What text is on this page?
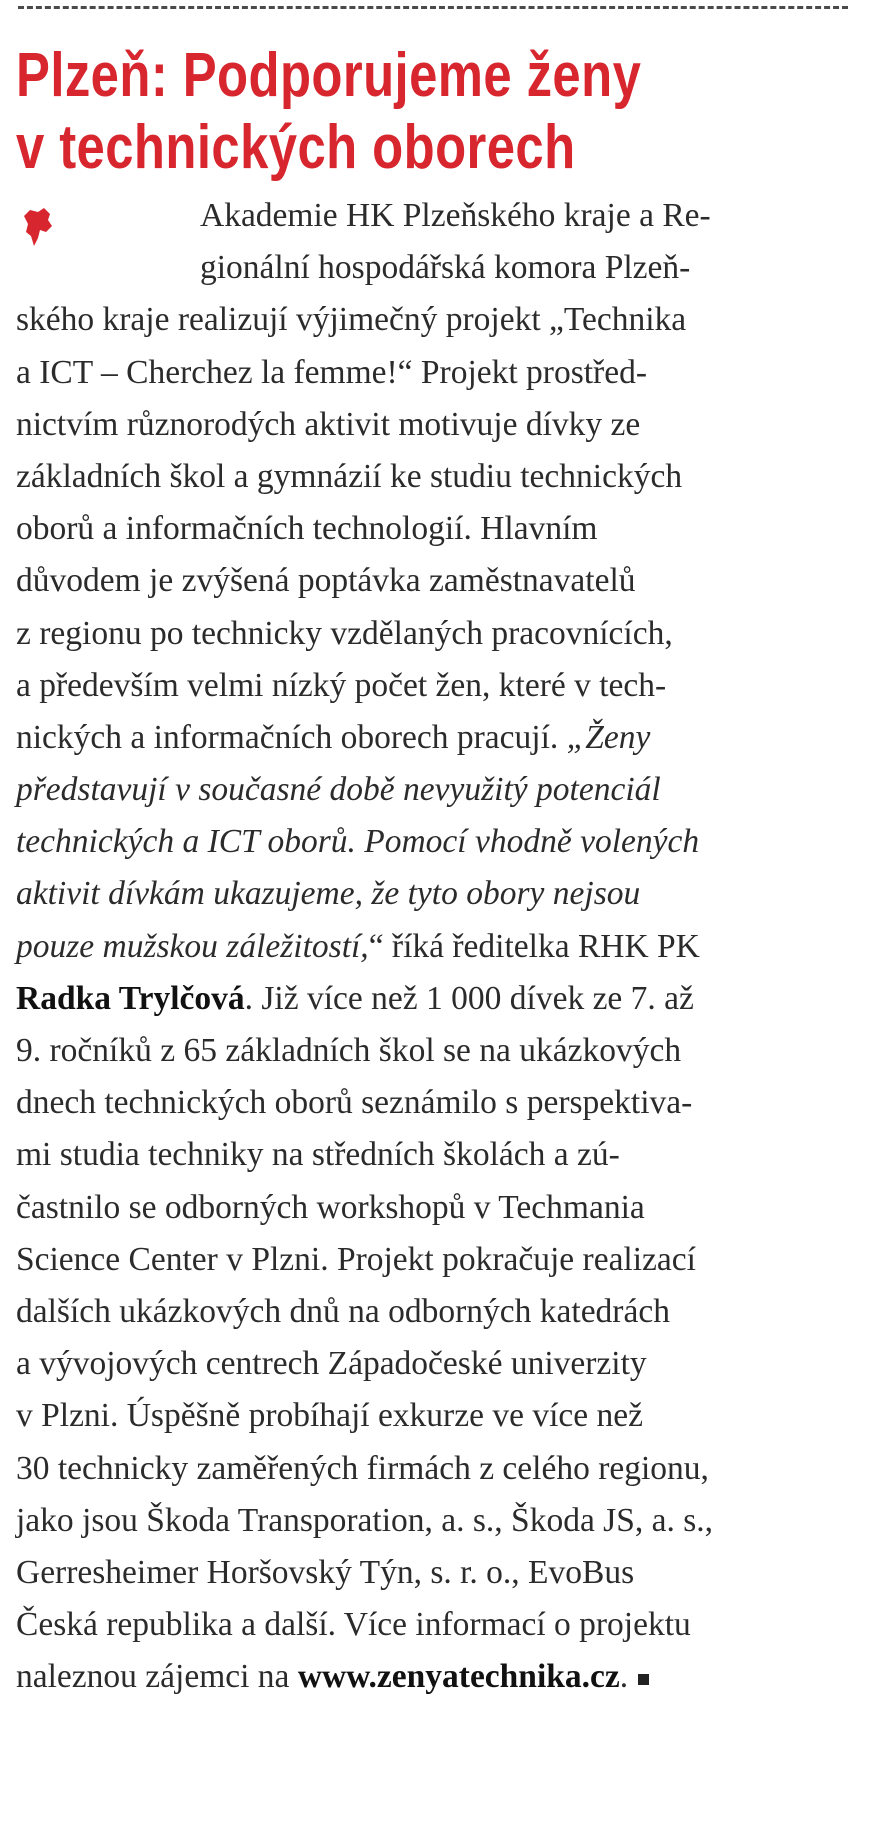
Plzeň: Podporujeme ženy
v technických oborech
Akademie HK Plzeňského kraje a Re-
gionální hospodářská komora Plzeň-
ského kraje realizují výjimečný projekt „Technika
a ICT – Cherchez la femme!“ Projekt prostřed-
nictvím různorodých aktivit motivuje dívky ze
základních škol a gymnázií ke studiu technických
oborů a informačních technologií. Hlavním
důvodem je zvýšená poptávka zaměstnavatelů
z regionu po technicky vzdělaných pracovnících,
a především velmi nízký počet žen, které v tech-
nických a informačních oborech pracují. „Ženy
představují v současné době nevyužitý potenciál
technických a ICT oborů. Pomocí vhodně volených
aktivit dívkám ukazujeme, že tyto obory nejsou
pouze mužskou záležitostí,“ říká ředitelka RHK PK
Radka Trylčová. Již více než 1 000 dívek ze 7. až
9. ročníků z 65 základních škol se na ukázkových
dnech technických oborů seznámilo s perspektiva-
mi studia techniky na středních školách a zú-
častnilo se odborných workshopů v Techmania
Science Center v Plzni. Projekt pokračuje realizací
dalších ukázkových dnů na odborných katedrách
a vývojových centrech Západočeské univerzity
v Plzni. Úspěšně probíhají exkurze ve více než
30 technicky zaměřených firmách z celého regionu,
jako jsou Škoda Transporation, a. s., Škoda JS, a. s.,
Gerresheimer Horšovský Týn, s. r. o., EvoBus
Česká republika a další. Více informací o projektu
naleznou zájemci na www.zenyatechnika.cz.
